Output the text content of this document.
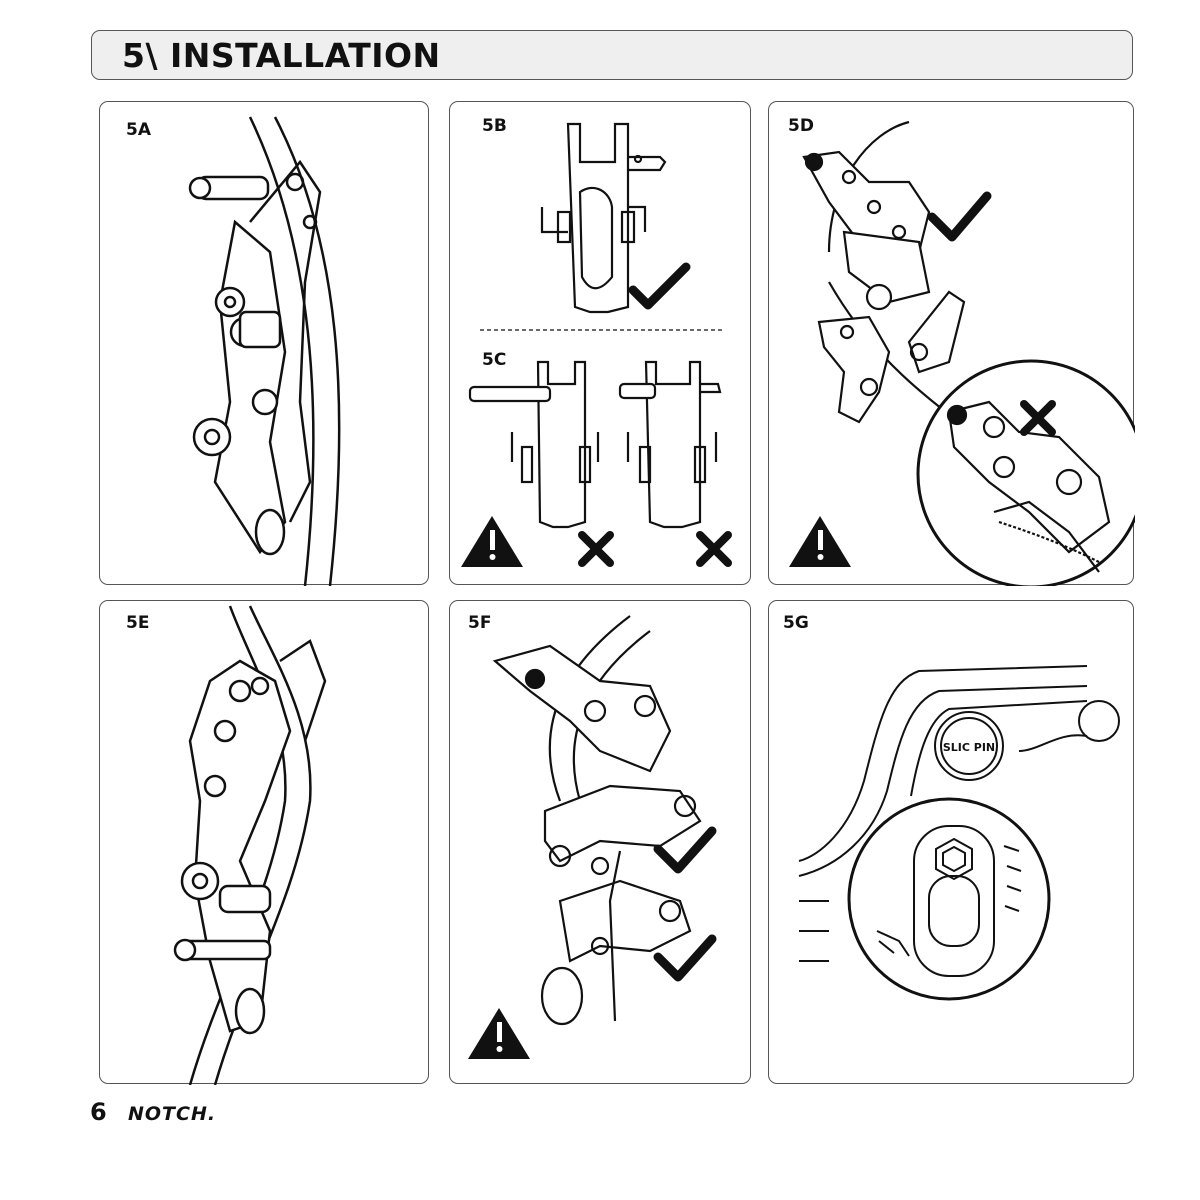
5\ INSTALLATION
5A	5B
5C
5D
5E	5F	5G
SLIC PIN
6 NOTCH.
